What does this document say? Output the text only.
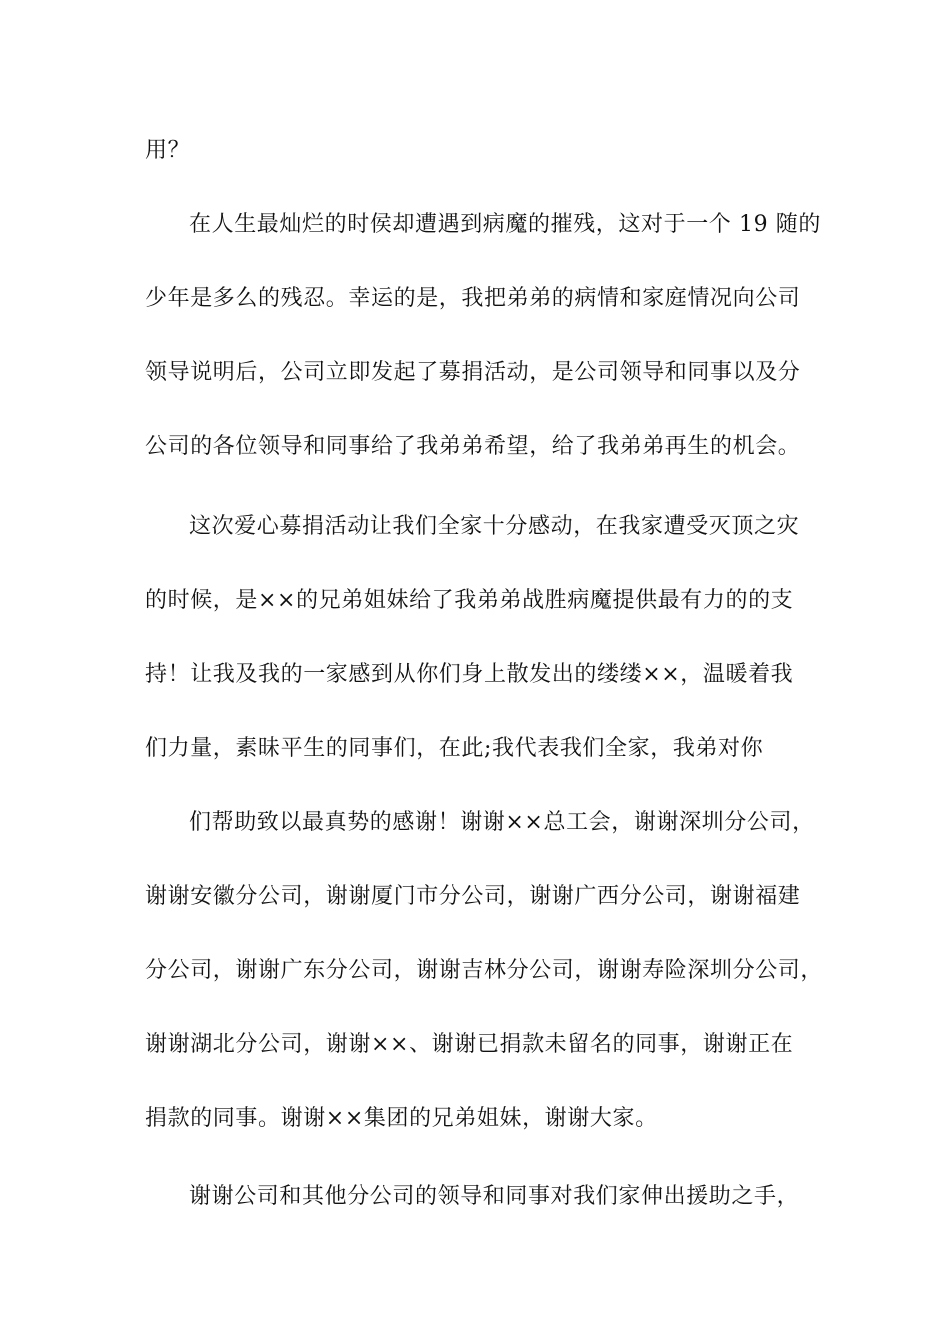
用？
在人生最灿烂的时侯却遭遇到病魔的摧残，这对于一个 19 随的
少年是多么的残忍。幸运的是，我把弟弟的病情和家庭情况向公司
领导说明后，公司立即发起了募捐活动，是公司领导和同事以及分
公司的各位领导和同事给了我弟弟希望，给了我弟弟再生的机会。
这次爱心募捐活动让我们全家十分感动，在我家遭受灭顶之灾
的时候，是××的兄弟姐妹给了我弟弟战胜病魔提供最有力的的支
持！让我及我的一家感到从你们身上散发出的缕缕××，温暖着我
们力量，素昧平生的同事们，在此;我代表我们全家，我弟对你
们帮助致以最真势的感谢！谢谢××总工会，谢谢深圳分公司，
谢谢安徽分公司，谢谢厦门市分公司，谢谢广西分公司，谢谢福建
分公司，谢谢广东分公司，谢谢吉林分公司，谢谢寿险深圳分公司，
谢谢湖北分公司，谢谢××、谢谢已捐款未留名的同事，谢谢正在
捐款的同事。谢谢××集团的兄弟姐妹，谢谢大家。
谢谢公司和其他分公司的领导和同事对我们家伸出援助之手，
